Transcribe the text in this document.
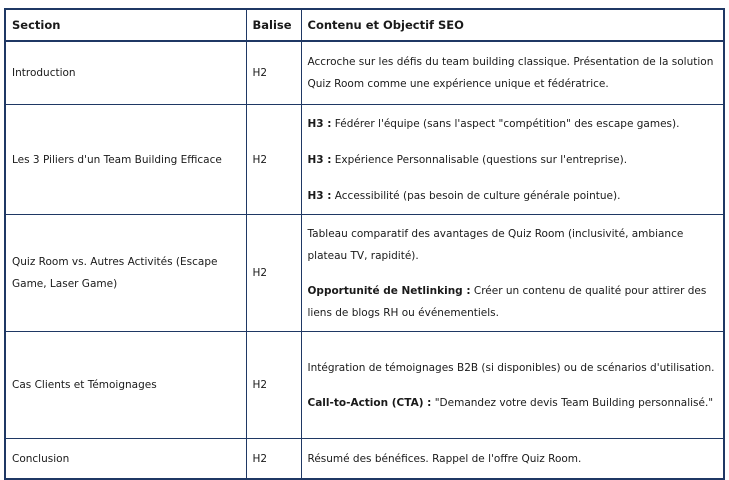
Section	Balise	Contenu et Objectif SEO
Introduction	H2	Accroche sur les défis du team building classique. Présentation de la solution Quiz Room comme une expérience unique et fédératrice.

Les 3 Piliers d'un Team Building Efficace	H2	H3 : Fédérer l'équipe (sans l'aspect "compétition" des escape games).

H3 : Expérience Personnalisable (questions sur l'entreprise).

H3 : Accessibilité (pas besoin de culture générale pointue).

Quiz Room vs. Autres Activités (Escape Game, Laser Game)	H2	Tableau comparatif des avantages de Quiz Room (inclusivité, ambiance plateau TV, rapidité).

Opportunité de Netlinking : Créer un contenu de qualité pour attirer des liens de blogs RH ou événementiels.

Cas Clients et Témoignages	H2	Intégration de témoignages B2B (si disponibles) ou de scénarios d'utilisation.

Call-to-Action (CTA) : "Demandez votre devis Team Building personnalisé."

Conclusion	H2	Résumé des bénéfices. Rappel de l'offre Quiz Room.
